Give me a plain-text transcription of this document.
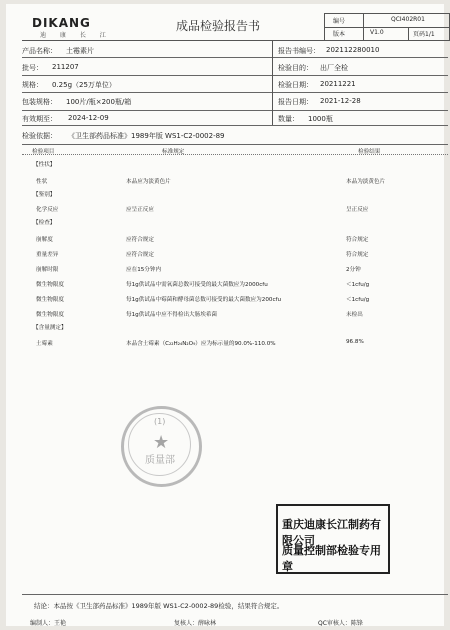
DIKANG
迪 康 长 江
成品检验报告书	编号	QCI402R01
版本	V1.0	页码1/1
产品名称： 土霉素片	报告书编号： 202112280010
批号： 211207	检验目的： 出厂全检
规格： 0.25g（25万单位）	检验日期： 20211221
包装规格： 100片/瓶×200瓶/箱	报告日期： 2021-12-28
有效期至： 2024-12-09	数量： 1000瓶
检验依据： 《卫生部药品标准》1989年版 WS1-C2-0002-89
检验项目	标准规定	检验结果
【性状】
性状	本品应为淡黄色片	本品为淡黄色片
【鉴别】
化学反应	应呈正反应	呈正反应
【检查】
崩解度	应符合规定	符合规定
重量差异	应符合规定	符合规定
崩解时限	应在15分钟内	2分钟
微生物限度	每1g供试品中需氧菌总数可接受的最大菌数应为2000cfu	＜1cfu/g
微生物限度	每1g供试品中霉菌和酵母菌总数可接受的最大菌数应为200cfu	＜1cfu/g
微生物限度	每1g供试品中应不得检出大肠埃希菌	未检出
【含量测定】
土霉素	本品含土霉素（C₂₂H₂₄N₂O₉）应为标示量的90.0%-110.0%	96.8%
(1)
质量部
★
重庆迪康长江制药有限公司
质量控制部检验专用章
结论：本品按《卫生部药品标准》1989年版 WS1-C2-0002-89检验，结果符合规定。
编制人：王艳	复核人：薛咏林	QC审核人：陈锋
